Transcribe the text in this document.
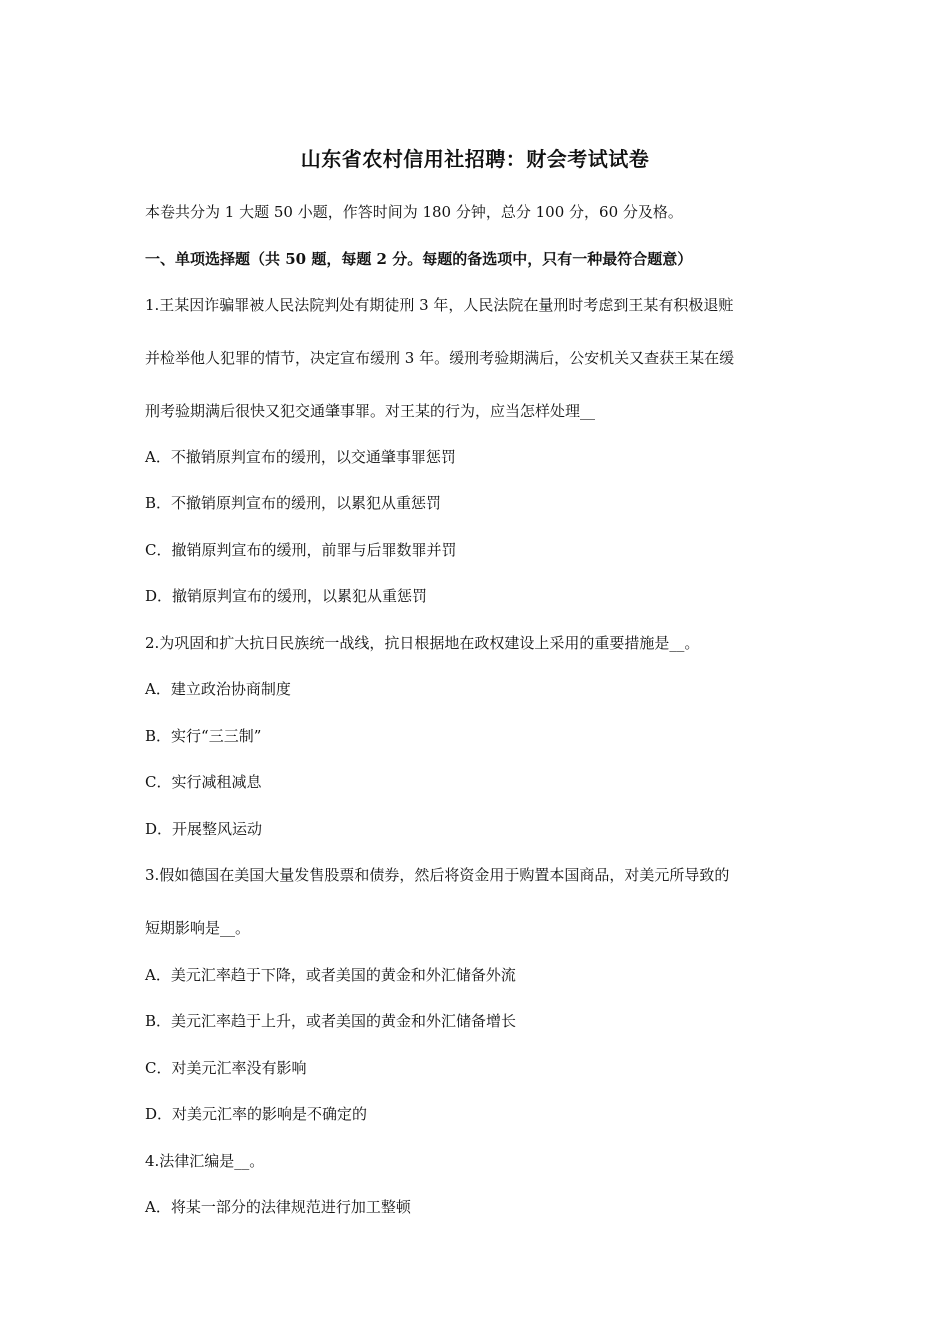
山东省农村信用社招聘：财会考试试卷

本卷共分为 1 大题 50 小题，作答时间为 180 分钟，总分 100 分，60 分及格。

一、单项选择题（共 50 题，每题 2 分。每题的备选项中，只有一种最符合题意）

1.王某因诈骗罪被人民法院判处有期徒刑 3 年，人民法院在量刑时考虑到王某有积极退赃

并检举他人犯罪的情节，决定宣布缓刑 3 年。缓刑考验期满后，公安机关又查获王某在缓

刑考验期满后很快又犯交通肇事罪。对王某的行为，应当怎样处理__

A．不撤销原判宣布的缓刑，以交通肇事罪惩罚

B．不撤销原判宣布的缓刑，以累犯从重惩罚

C．撤销原判宣布的缓刑，前罪与后罪数罪并罚

D．撤销原判宣布的缓刑，以累犯从重惩罚

2.为巩固和扩大抗日民族统一战线，抗日根据地在政权建设上采用的重要措施是__。

A．建立政治协商制度

B．实行“三三制”

C．实行减租减息

D．开展整风运动

3.假如德国在美国大量发售股票和债券，然后将资金用于购置本国商品，对美元所导致的

短期影响是__。

A．美元汇率趋于下降，或者美国的黄金和外汇储备外流

B．美元汇率趋于上升，或者美国的黄金和外汇储备增长

C．对美元汇率没有影响

D．对美元汇率的影响是不确定的

4.法律汇编是__。

A．将某一部分的法律规范进行加工整顿
